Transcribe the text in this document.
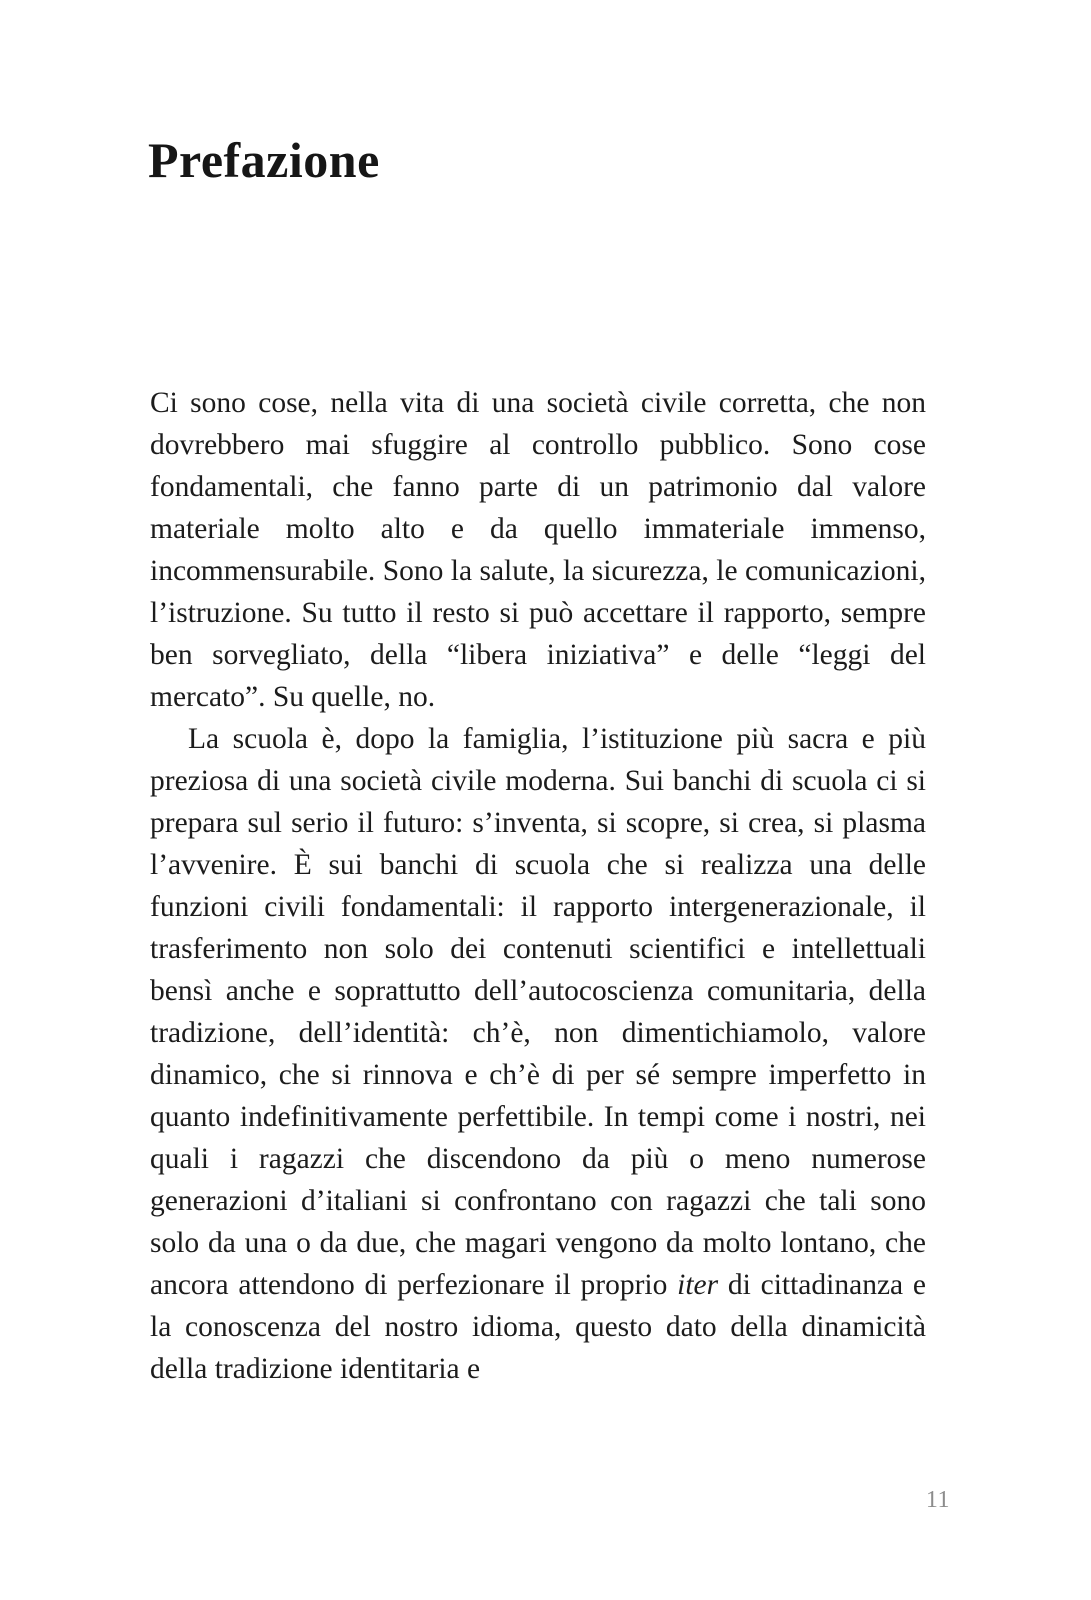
Prefazione

Ci sono cose, nella vita di una società civile corretta, che non dovrebbero mai sfuggire al controllo pubblico. Sono cose fondamentali, che fanno parte di un patrimonio dal valore materiale molto alto e da quello immateriale immenso, incommensurabile. Sono la salute, la sicurezza, le comunicazioni, l’istruzione. Su tutto il resto si può accettare il rapporto, sempre ben sorvegliato, della “libera iniziativa” e delle “leggi del mercato”. Su quelle, no.

La scuola è, dopo la famiglia, l’istituzione più sacra e più preziosa di una società civile moderna. Sui banchi di scuola ci si prepara sul serio il futuro: s’inventa, si scopre, si crea, si plasma l’avvenire. È sui banchi di scuola che si realizza una delle funzioni civili fondamentali: il rapporto intergenerazionale, il trasferimento non solo dei contenuti scientifici e intellettuali bensì anche e soprattutto dell’autocoscienza comunitaria, della tradizione, dell’identità: ch’è, non dimentichiamolo, valore dinamico, che si rinnova e ch’è di per sé sempre imperfetto in quanto indefinitivamente perfettibile. In tempi come i nostri, nei quali i ragazzi che discendono da più o meno numerose generazioni d’italiani si confrontano con ragazzi che tali sono solo da una o da due, che magari vengono da molto lontano, che ancora attendono di perfezionare il proprio iter di cittadinanza e la conoscenza del nostro idioma, questo dato della dinamicità della tradizione identitaria e

11
